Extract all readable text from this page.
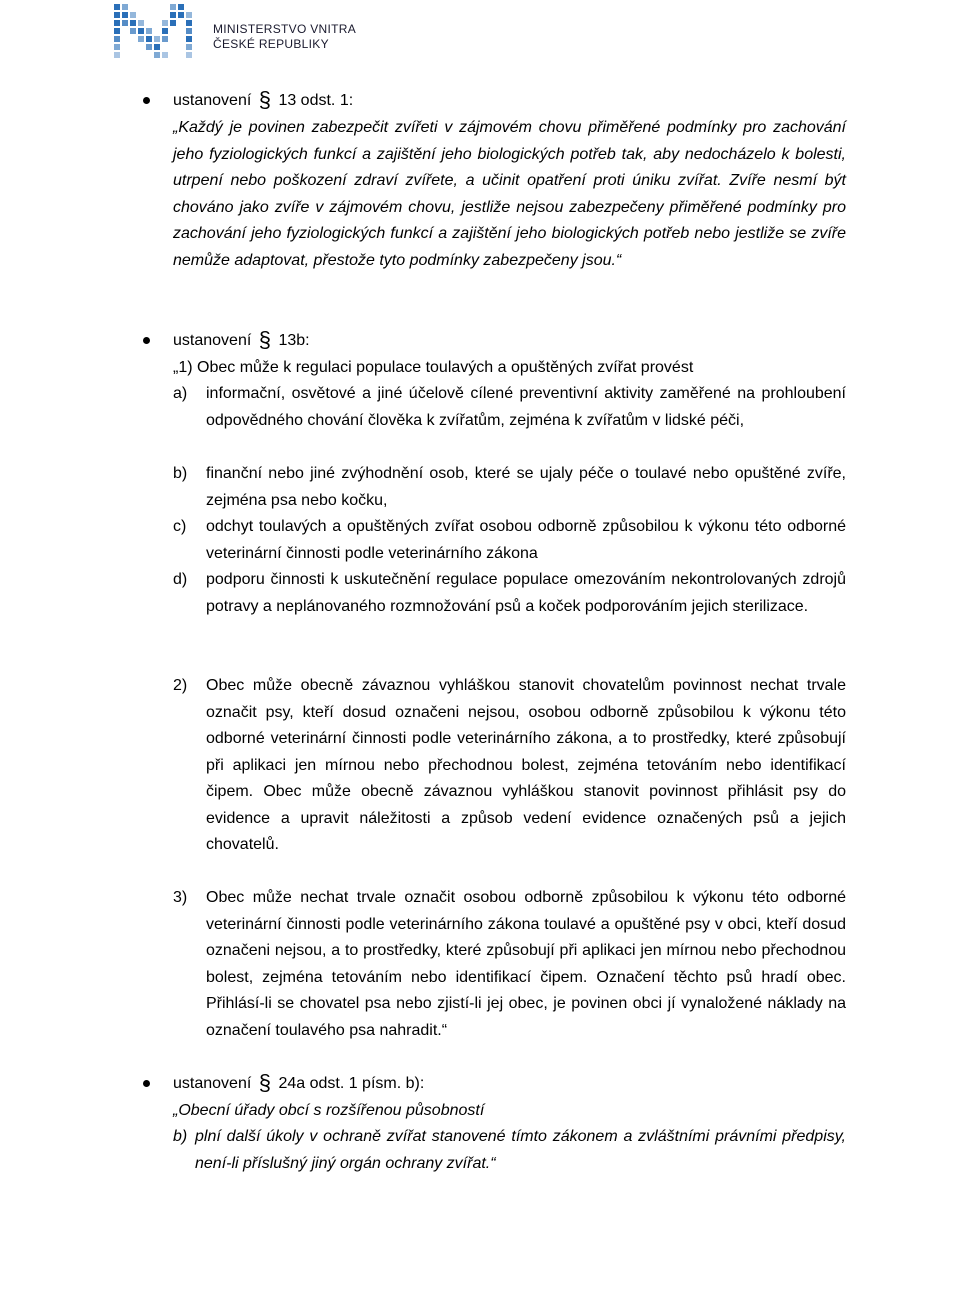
MINISTERSTVO VNITRA
ČESKÉ REPUBLIKY
ustanovení § 13 odst. 1:
„Každý je povinen zabezpečit zvířeti v zájmovém chovu přiměřené podmínky pro zachování jeho fyziologických funkcí a zajištění jeho biologických potřeb tak, aby nedocházelo k bolesti, utrpení nebo poškození zdraví zvířete, a učinit opatření proti úniku zvířat. Zvíře nesmí být chováno jako zvíře v zájmovém chovu, jestliže nejsou zabezpečeny přiměřené podmínky pro zachování jeho fyziologických funkcí a zajištění jeho biologických potřeb nebo jestliže se zvíře nemůže adaptovat, přestože tyto podmínky zabezpečeny jsou.“
ustanovení § 13b:
„1) Obec může k regulaci populace toulavých a opuštěných zvířat provést
a) informační, osvětové a jiné účelově cílené preventivní aktivity zaměřené na prohloubení odpovědného chování člověka k zvířatům, zejména k zvířatům v lidské péči,
b) finanční nebo jiné zvýhodnění osob, které se ujaly péče o toulavé nebo opuštěné zvíře, zejména psa nebo kočku,
c) odchyt toulavých a opuštěných zvířat osobou odborně způsobilou k výkonu této odborné veterinární činnosti podle veterinárního zákona
d) podporu činnosti k uskutečnění regulace populace omezováním nekontrolovaných zdrojů potravy a neplánovaného rozmnožování psů a koček podporováním jejich sterilizace.
2) Obec může obecně závaznou vyhláškou stanovit chovatelům povinnost nechat trvale označit psy, kteří dosud označeni nejsou, osobou odborně způsobilou k výkonu této odborné veterinární činnosti podle veterinárního zákona, a to prostředky, které způsobují při aplikaci jen mírnou nebo přechodnou bolest, zejména tetováním nebo identifikací čipem. Obec může obecně závaznou vyhláškou stanovit povinnost přihlásit psy do evidence a upravit náležitosti a způsob vedení evidence označených psů a jejich chovatelů.
3) Obec může nechat trvale označit osobou odborně způsobilou k výkonu této odborné veterinární činnosti podle veterinárního zákona toulavé a opuštěné psy v obci, kteří dosud označeni nejsou, a to prostředky, které způsobují při aplikaci jen mírnou nebo přechodnou bolest, zejména tetováním nebo identifikací čipem. Označení těchto psů hradí obec. Přihlásí-li se chovatel psa nebo zjistí-li jej obec, je povinen obci jí vynaložené náklady na označení toulavého psa nahradit.“
ustanovení § 24a odst. 1 písm. b):
„Obecní úřady obcí s rozšířenou působností
b) plní další úkoly v ochraně zvířat stanovené tímto zákonem a zvláštními právními předpisy, není-li příslušný jiný orgán ochrany zvířat.“
